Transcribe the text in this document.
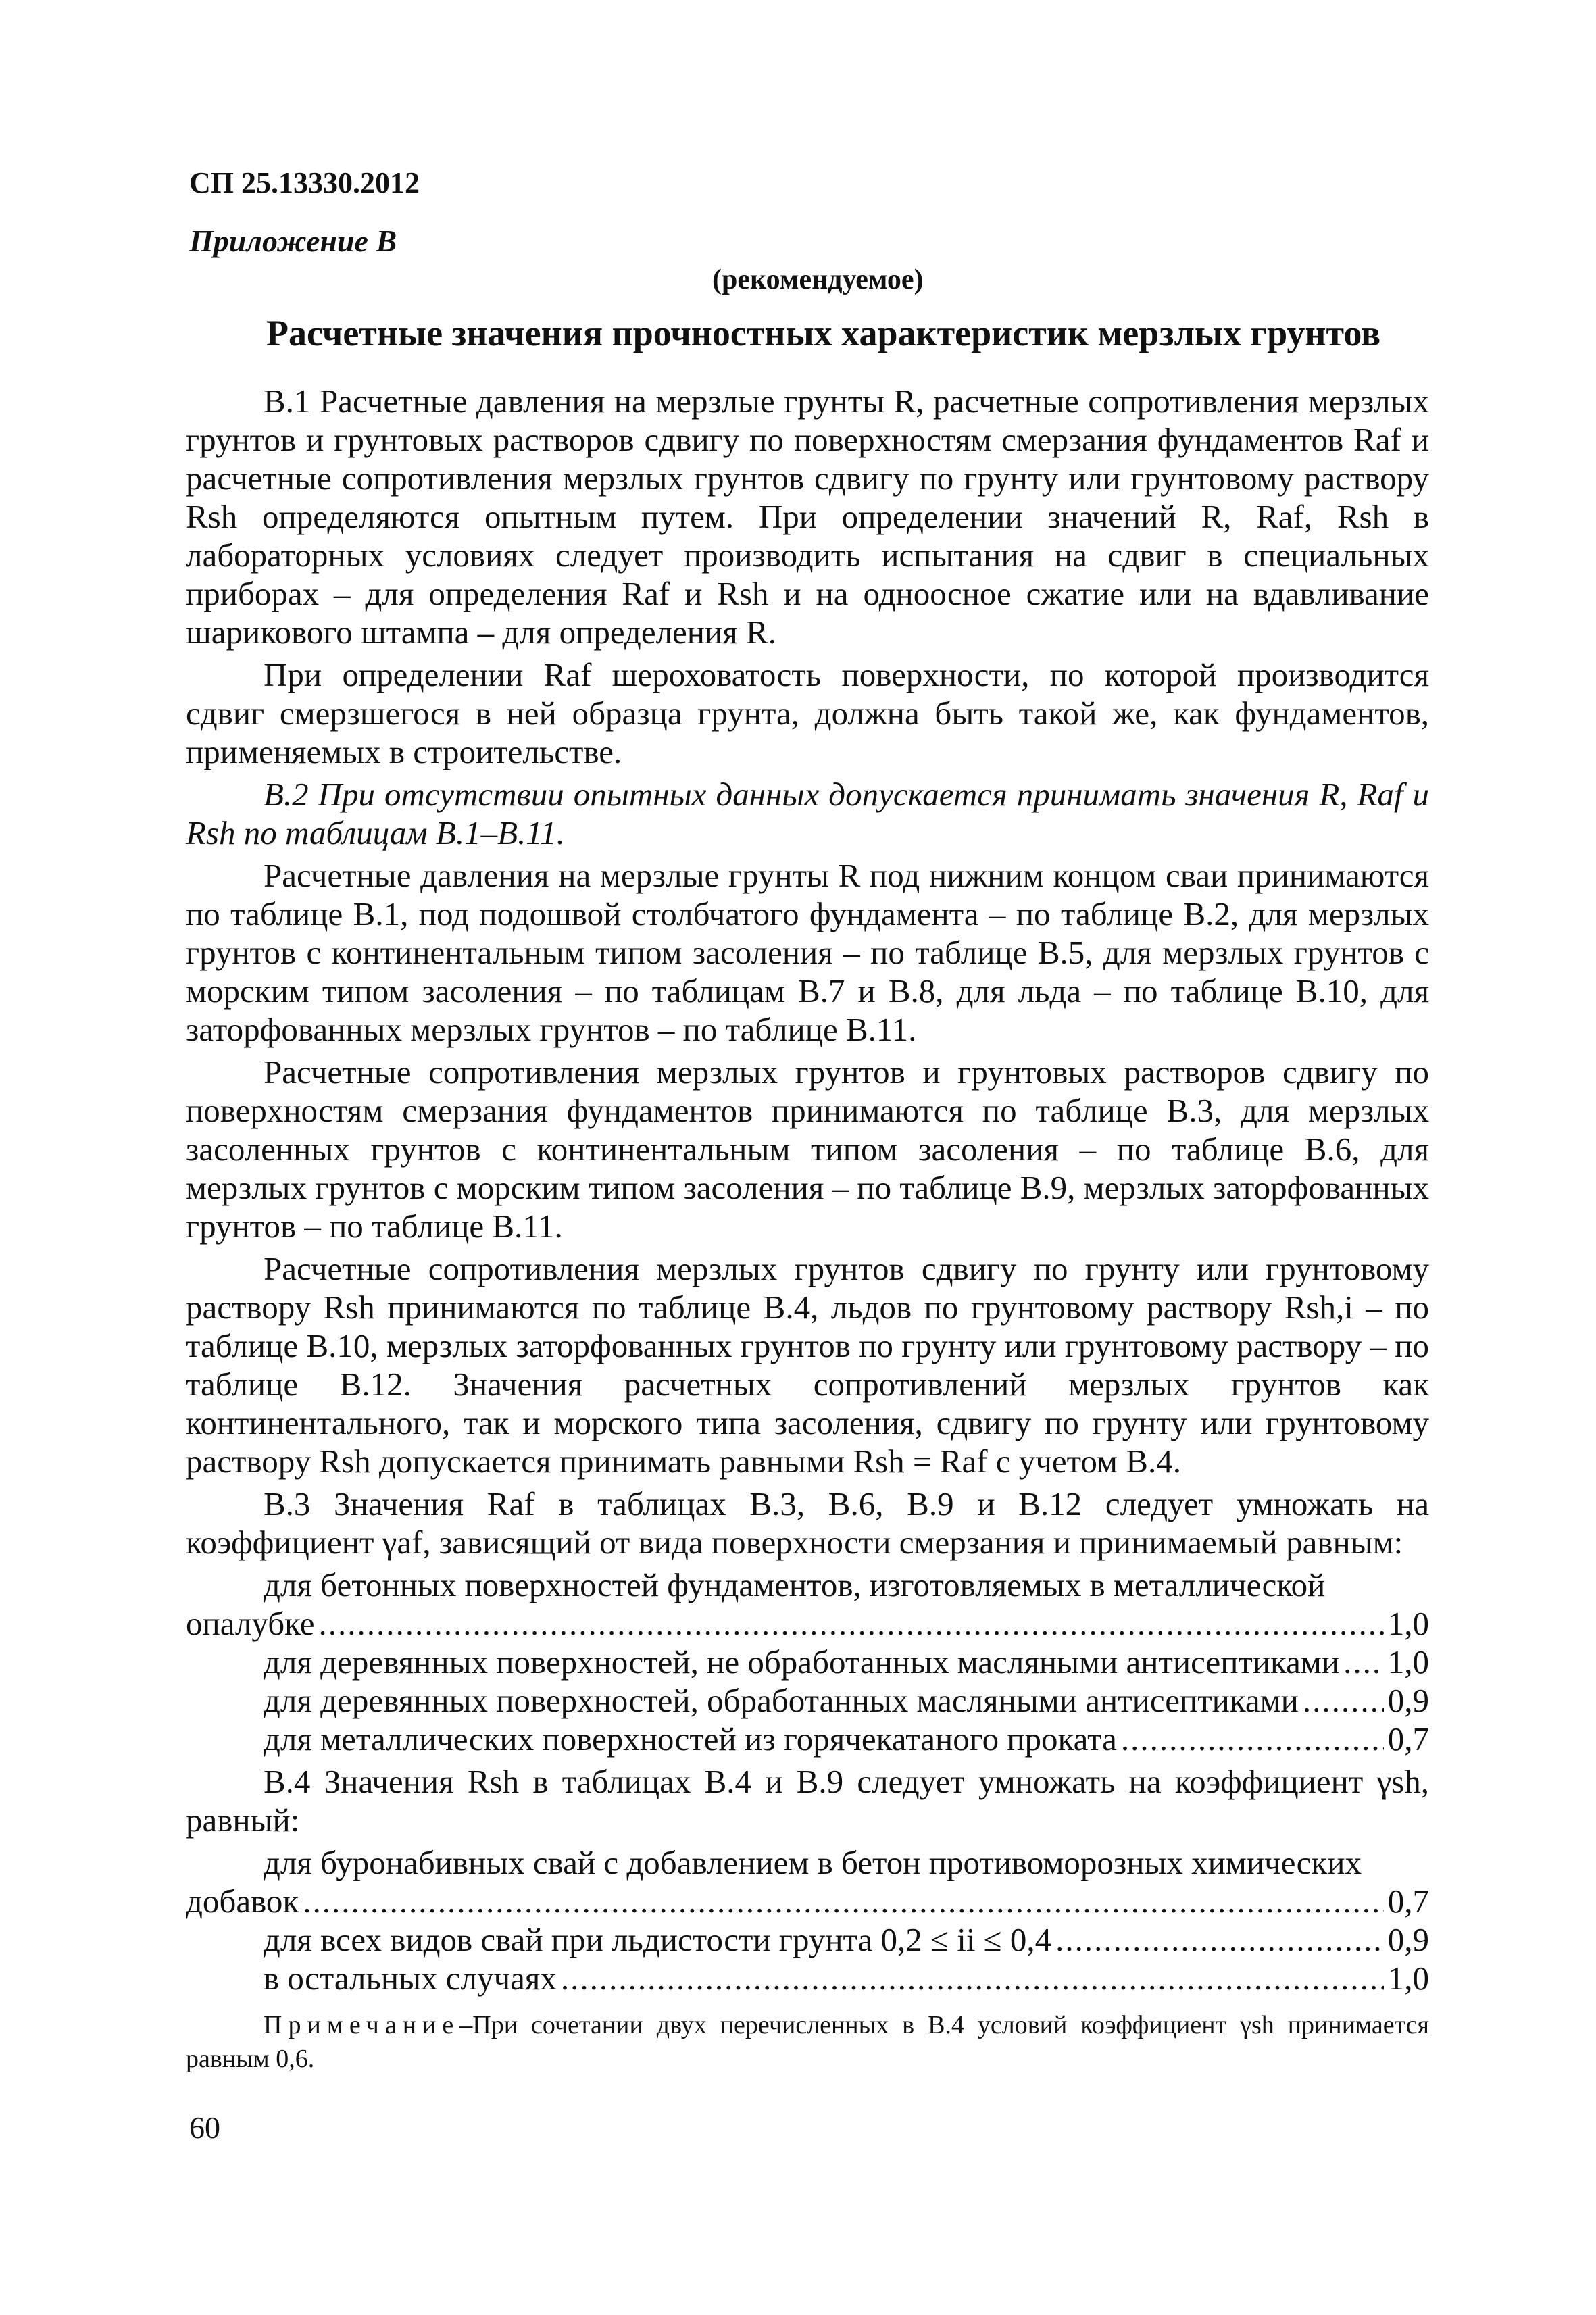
СП 25.13330.2012
Приложение В
(рекомендуемое)
Расчетные значения прочностных характеристик мерзлых грунтов

В.1 Расчетные давления на мерзлые грунты R, расчетные сопротивления мерзлых грунтов и грунтовых растворов сдвигу по поверхностям смерзания фундаментов Raf и расчетные сопротивления мерзлых грунтов сдвигу по грунту или грунтовому раствору Rsh определяются опытным путем. При определении значений R, Raf, Rsh в лабораторных условиях следует производить испытания на сдвиг в специальных приборах – для определения Raf и Rsh и на одноосное сжатие или на вдавливание шарикового штампа – для определения R.

При определении Raf шероховатость поверхности, по которой производится сдвиг смерзшегося в ней образца грунта, должна быть такой же, как фундаментов, применяемых в строительстве.

В.2 При отсутствии опытных данных допускается принимать значения R, Raf и Rsh по таблицам В.1–В.11.

Расчетные давления на мерзлые грунты R под нижним концом сваи принимаются по таблице В.1, под подошвой столбчатого фундамента – по таблице В.2, для мерзлых грунтов с континентальным типом засоления – по таблице В.5, для мерзлых грунтов с морским типом засоления – по таблицам В.7 и В.8, для льда – по таблице В.10, для заторфованных мерзлых грунтов – по таблице В.11.

Расчетные сопротивления мерзлых грунтов и грунтовых растворов сдвигу по поверхностям смерзания фундаментов принимаются по таблице В.3, для мерзлых засоленных грунтов с континентальным типом засоления – по таблице В.6, для мерзлых грунтов с морским типом засоления – по таблице В.9, мерзлых заторфованных грунтов – по таблице В.11.

Расчетные сопротивления мерзлых грунтов сдвигу по грунту или грунтовому раствору Rsh принимаются по таблице В.4, льдов по грунтовому раствору Rsh,i – по таблице В.10, мерзлых заторфованных грунтов по грунту или грунтовому раствору – по таблице В.12. Значения расчетных сопротивлений мерзлых грунтов как континентального, так и морского типа засоления, сдвигу по грунту или грунтовому раствору Rsh допускается принимать равными Rsh = Raf с учетом В.4.

В.3 Значения Raf в таблицах В.3, В.6, В.9 и В.12 следует умножать на коэффициент γaf, зависящий от вида поверхности смерзания и принимаемый равным:

для бетонных поверхностей фундаментов, изготовляемых в металлической
опалубке .....	1,0
для деревянных поверхностей, не обработанных масляными антисептиками ..... 1,0
для деревянных поверхностей, обработанных масляными антисептиками .....	0,9
для металлических поверхностей из горячекатаного проката .....	0,7

В.4 Значения Rsh в таблицах В.4 и В.9 следует умножать на коэффициент γsh, равный:

для буронабивных свай с добавлением в бетон противоморозных химических
добавок .....	0,7
для всех видов свай при льдистости грунта 0,2 ≤ ii ≤ 0,4 .....	0,9
в остальных случаях .....	1,0
Примечание–При сочетании двух перечисленных в В.4 условий коэффициент γsh принимается равным 0,6.
60
